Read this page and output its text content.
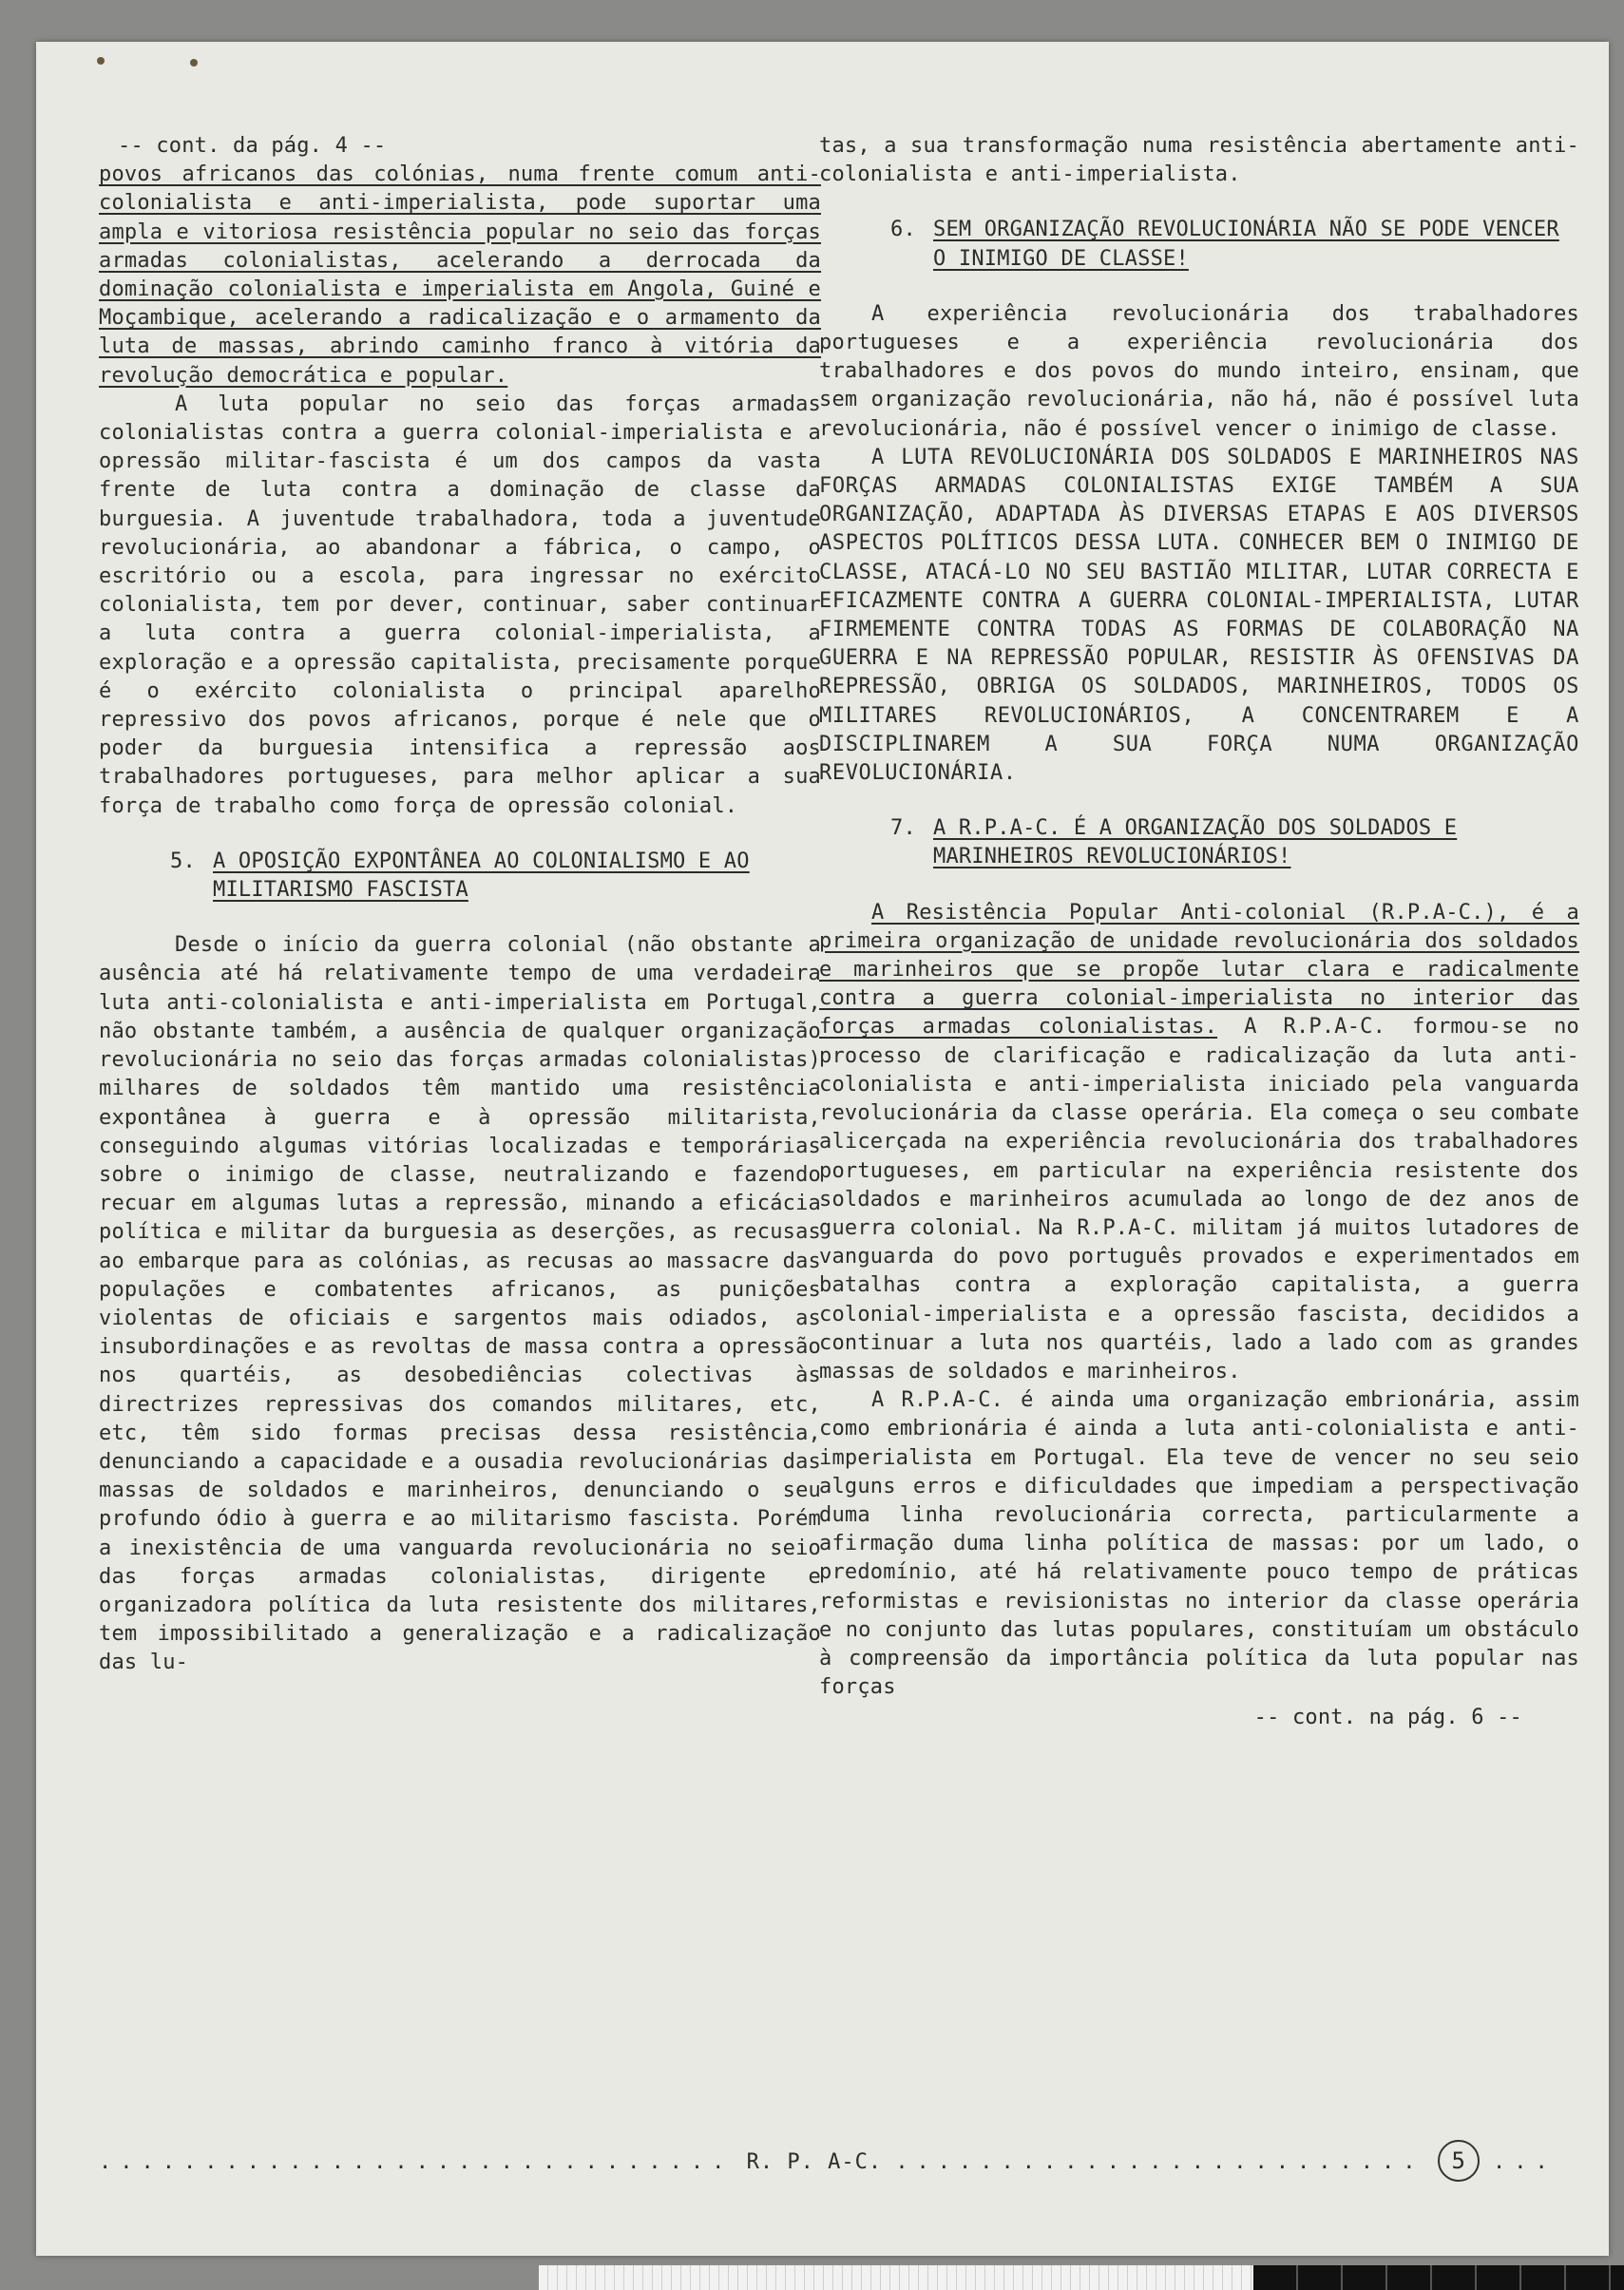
-- cont. da pág. 4 --

povos africanos das colónias, numa frente comum anti-colonialista e anti-imperialista, pode suportar uma ampla e vitoriosa resistência popular no seio das forças armadas colonialistas, acelerando a derrocada da dominação colonialista e imperialista em Angola, Guiné e Moçambique, acelerando a radicalização e o armamento da luta de massas, abrindo caminho franco à vitória da revolução democrática e popular.

A luta popular no seio das forças armadas colonialistas contra a guerra colonial-imperialista e a opressão militar-fascista é um dos campos da vasta frente de luta contra a dominação de classe da burguesia. A juventude trabalhadora, toda a juventude revolucionária, ao abandonar a fábrica, o campo, o escritório ou a escola, para ingressar no exército colonialista, tem por dever, continuar, saber continuar a luta contra a guerra colonial-imperialista, a exploração e a opressão capitalista, precisamente porque é o exército colonialista o principal aparelho repressivo dos povos africanos, porque é nele que o poder da burguesia intensifica a repressão aos trabalhadores portugueses, para melhor aplicar a sua força de trabalho como força de opressão colonial.

5. A OPOSIÇÃO EXPONTÂNEA AO COLONIALISMO E AO MILITARISMO FASCISTA

Desde o início da guerra colonial (não obstante a ausência até há relativamente tempo de uma verdadeira luta anti-colonialista e anti-imperialista em Portugal, não obstante também, a ausência de qualquer organização revolucionária no seio das forças armadas colonialistas) milhares de soldados têm mantido uma resistência expontânea à guerra e à opressão militarista, conseguindo algumas vitórias localizadas e temporárias sobre o inimigo de classe, neutralizando e fazendo recuar em algumas lutas a repressão, minando a eficácia política e militar da burguesia as deserções, as recusas ao embarque para as colónias, as recusas ao massacre das populações e combatentes africanos, as punições violentas de oficiais e sargentos mais odiados, as insubordinações e as revoltas de massa contra a opressão nos quartéis, as desobediências colectivas às directrizes repressivas dos comandos militares, etc, etc, têm sido formas precisas dessa resistência, denunciando a capacidade e a ousadia revolucionárias das massas de soldados e marinheiros, denunciando o seu profundo ódio à guerra e ao militarismo fascista. Porém a inexistência de uma vanguarda revolucionária no seio das forças armadas colonialistas, dirigente e organizadora política da luta resistente dos militares, tem impossibilitado a generalização e a radicalização das lu-

tas, a sua transformação numa resistência abertamente anti-colonialista e anti-imperialista.

6. SEM ORGANIZAÇÃO REVOLUCIONÁRIA NÃO SE PODE VENCER O INIMIGO DE CLASSE!

A experiência revolucionária dos trabalhadores portugueses e a experiência revolucionária dos trabalhadores e dos povos do mundo inteiro, ensinam, que sem organização revolucionária, não há, não é possível luta revolucionária, não é possível vencer o inimigo de classe.

A LUTA REVOLUCIONÁRIA DOS SOLDADOS E MARINHEIROS NAS FORÇAS ARMADAS COLONIALISTAS EXIGE TAMBÉM A SUA ORGANIZAÇÃO, ADAPTADA ÀS DIVERSAS ETAPAS E AOS DIVERSOS ASPECTOS POLÍTICOS DESSA LUTA. CONHECER BEM O INIMIGO DE CLASSE, ATACÁ-LO NO SEU BASTIÃO MILITAR, LUTAR CORRECTA E EFICAZMENTE CONTRA A GUERRA COLONIAL-IMPERIALISTA, LUTAR FIRMEMENTE CONTRA TODAS AS FORMAS DE COLABORAÇÃO NA GUERRA E NA REPRESSÃO POPULAR, RESISTIR ÀS OFENSIVAS DA REPRESSÃO, OBRIGA OS SOLDADOS, MARINHEIROS, TODOS OS MILITARES REVOLUCIONÁRIOS, A CONCENTRAREM E A DISCIPLINAREM A SUA FORÇA NUMA ORGANIZAÇÃO REVOLUCIONÁRIA.

7. A R.P.A-C. É A ORGANIZAÇÃO DOS SOLDADOS E MARINHEIROS REVOLUCIONÁRIOS!

A Resistência Popular Anti-colonial (R.P.A-C.), é a primeira organização de unidade revolucionária dos soldados e marinheiros que se propõe lutar clara e radicalmente contra a guerra colonial-imperialista no interior das forças armadas colonialistas. A R.P.A-C. formou-se no processo de clarificação e radicalização da luta anti-colonialista e anti-imperialista iniciado pela vanguarda revolucionária da classe operária. Ela começa o seu combate alicerçada na experiência revolucionária dos trabalhadores portugueses, em particular na experiência resistente dos soldados e marinheiros acumulada ao longo de dez anos de guerra colonial. Na R.P.A-C. militam já muitos lutadores de vanguarda do povo português provados e experimentados em batalhas contra a exploração capitalista, a guerra colonial-imperialista e a opressão fascista, decididos a continuar a luta nos quartéis, lado a lado com as grandes massas de soldados e marinheiros.

A R.P.A-C. é ainda uma organização embrionária, assim como embrionária é ainda a luta anti-colonialista e anti-imperialista em Portugal. Ela teve de vencer no seu seio alguns erros e dificuldades que impediam a perspectivação duma linha revolucionária correcta, particularmente a afirmação duma linha política de massas: por um lado, o predomínio, até há relativamente pouco tempo de práticas reformistas e revisionistas no interior da classe operária e no conjunto das lutas populares, constituíam um obstáculo à compreensão da importância política da luta popular nas forças

-- cont. na pág. 6 --

.............................. R. P. A-C. ......................... 5 ...
